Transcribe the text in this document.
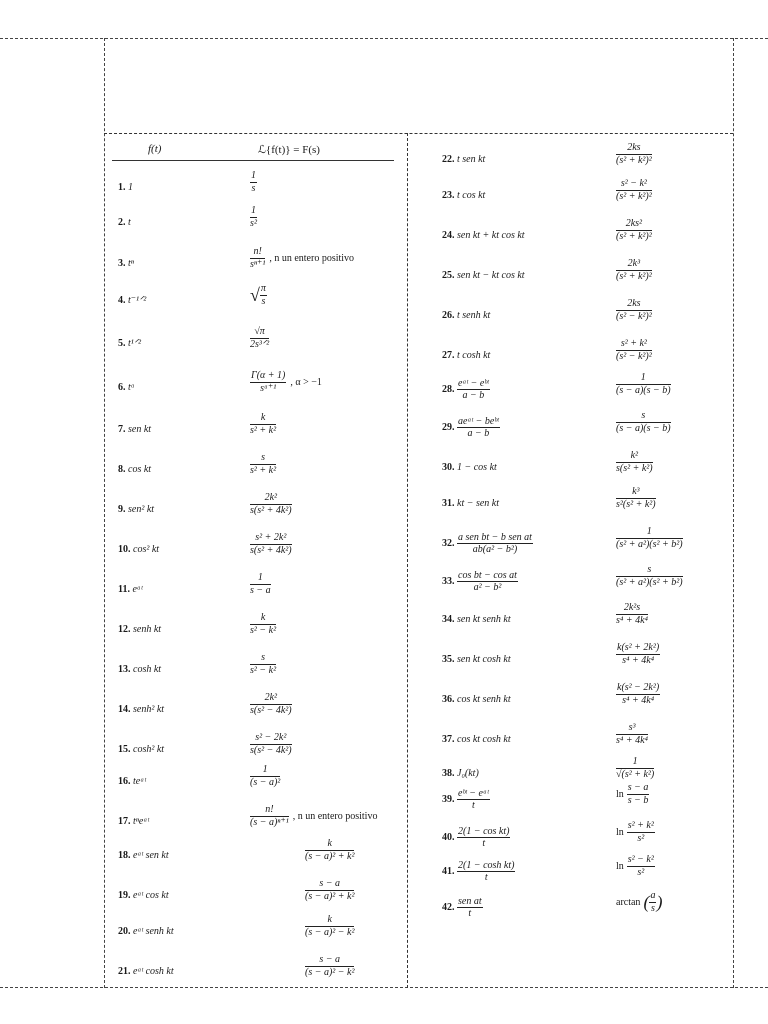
f(t)	ℒ{f(t)} = F(s)
1. 1	$\frac{1}{s}$
2. t	$\frac{1}{\text{s²}}$
3. tⁿ	$\frac{n!}{\text{sⁿ⁺¹}}$ , n un entero positivo
4. t⁻¹ᐟ²	√ $\frac{\pi}{s}$
5. t¹ᐟ²	$\frac{√\pi}{\text{2s³ᐟ²}}$
6. tᵅ	$\frac{\Gamma(\alpha + 1)}{\text{sᵅ⁺¹}}$ , α > −1
7. sen kt	$\frac{k}{\text{s² + k²}}$
8. cos kt	$\frac{s}{\text{s² + k²}}$
9. sen² kt	$\frac{\text{2k²}}{\text{s(s² + 4k²)}}$
10. cos² kt	$\frac{\text{s² + 2k²}}{\text{s(s² + 4k²)}}$
11. eᵃᵗ	$\frac{1}{s - a}$
12. senh kt	$\frac{k}{\text{s² − k²}}$
13. cosh kt	$\frac{s}{\text{s² − k²}}$
14. senh² kt	$\frac{\text{2k²}}{\text{s(s² − 4k²)}}$
15. cosh² kt	$\frac{\text{s² − 2k²}}{\text{s(s² − 4k²)}}$
16. teᵃᵗ	$\frac{1}{\text{(s − a)²}}$
17. tⁿeᵃᵗ	$\frac{n!}{\text{(s − a)ⁿ⁺¹}}$ , n un entero positivo
18. eᵃᵗ sen kt	$\frac{k}{\text{(s − a)² + k²}}$
19. eᵃᵗ cos kt	$\frac{s - a}{\text{(s − a)² + k²}}$
20. eᵃᵗ senh kt	$\frac{k}{\text{(s − a)² − k²}}$
21. eᵃᵗ cosh kt	$\frac{s - a}{\text{(s − a)² − k²}}$
22. t sen kt	$\frac{2ks}{\text{(s² + k²)²}}$
23. t cos kt	$\frac{\text{s² − k²}}{\text{(s² + k²)²}}$
24. sen kt + kt cos kt	$\frac{\text{2ks²}}{\text{(s² + k²)²}}$
25. sen kt − kt cos kt	$\frac{\text{2k³}}{\text{(s² + k²)²}}$
26. t senh kt	$\frac{2ks}{\text{(s² − k²)²}}$
27. t cosh kt	$\frac{\text{s² + k²}}{\text{(s² − k²)²}}$
28. $\frac{\text{eᵃᵗ − eᵇᵗ}}{a - b}$	$\frac{1}{(s - a)(s - b)}$
29. $\frac{\text{aeᵃᵗ − beᵇᵗ}}{a - b}$	$\frac{s}{(s - a)(s - b)}$
30. 1 − cos kt	$\frac{\text{k²}}{\text{s(s² + k²)}}$
31. kt − sen kt	$\frac{\text{k³}}{\text{s²(s² + k²)}}$
32. $\frac{\text{a sen bt − b sen at}}{\text{ab(a² − b²)}}$	$\frac{1}{\text{(s² + a²)(s² + b²)}}$
33. $\frac{\text{cos bt − cos at}}{\text{a² − b²}}$	$\frac{s}{\text{(s² + a²)(s² + b²)}}$
34. sen kt senh kt	$\frac{\text{2k²s}}{\text{s⁴ + 4k⁴}}$
35. sen kt cosh kt	$\frac{\text{k(s² + 2k²)}}{\text{s⁴ + 4k⁴}}$
36. cos kt senh kt	$\frac{\text{k(s² − 2k²)}}{\text{s⁴ + 4k⁴}}$
37. cos kt cosh kt	$\frac{\text{s³}}{\text{s⁴ + 4k⁴}}$
38. J₀(kt)	$\frac{1}{\text{√(s² + k²)}}$
39. $\frac{\text{eᵇᵗ − eᵃᵗ}}{t}$	$\ln \frac{s - a}{s - b}$
40. $\frac{\text{2(1 − cos kt)}}{t}$	$\ln \frac{\text{s² + k²}}{\text{s²}}$
41. $\frac{\text{2(1 − cosh kt)}}{t}$	$\ln \frac{\text{s² − k²}}{\text{s²}}$
42. $\frac{\text{sen at}}{t}$	arctan ( $\frac{a}{s}$ )
